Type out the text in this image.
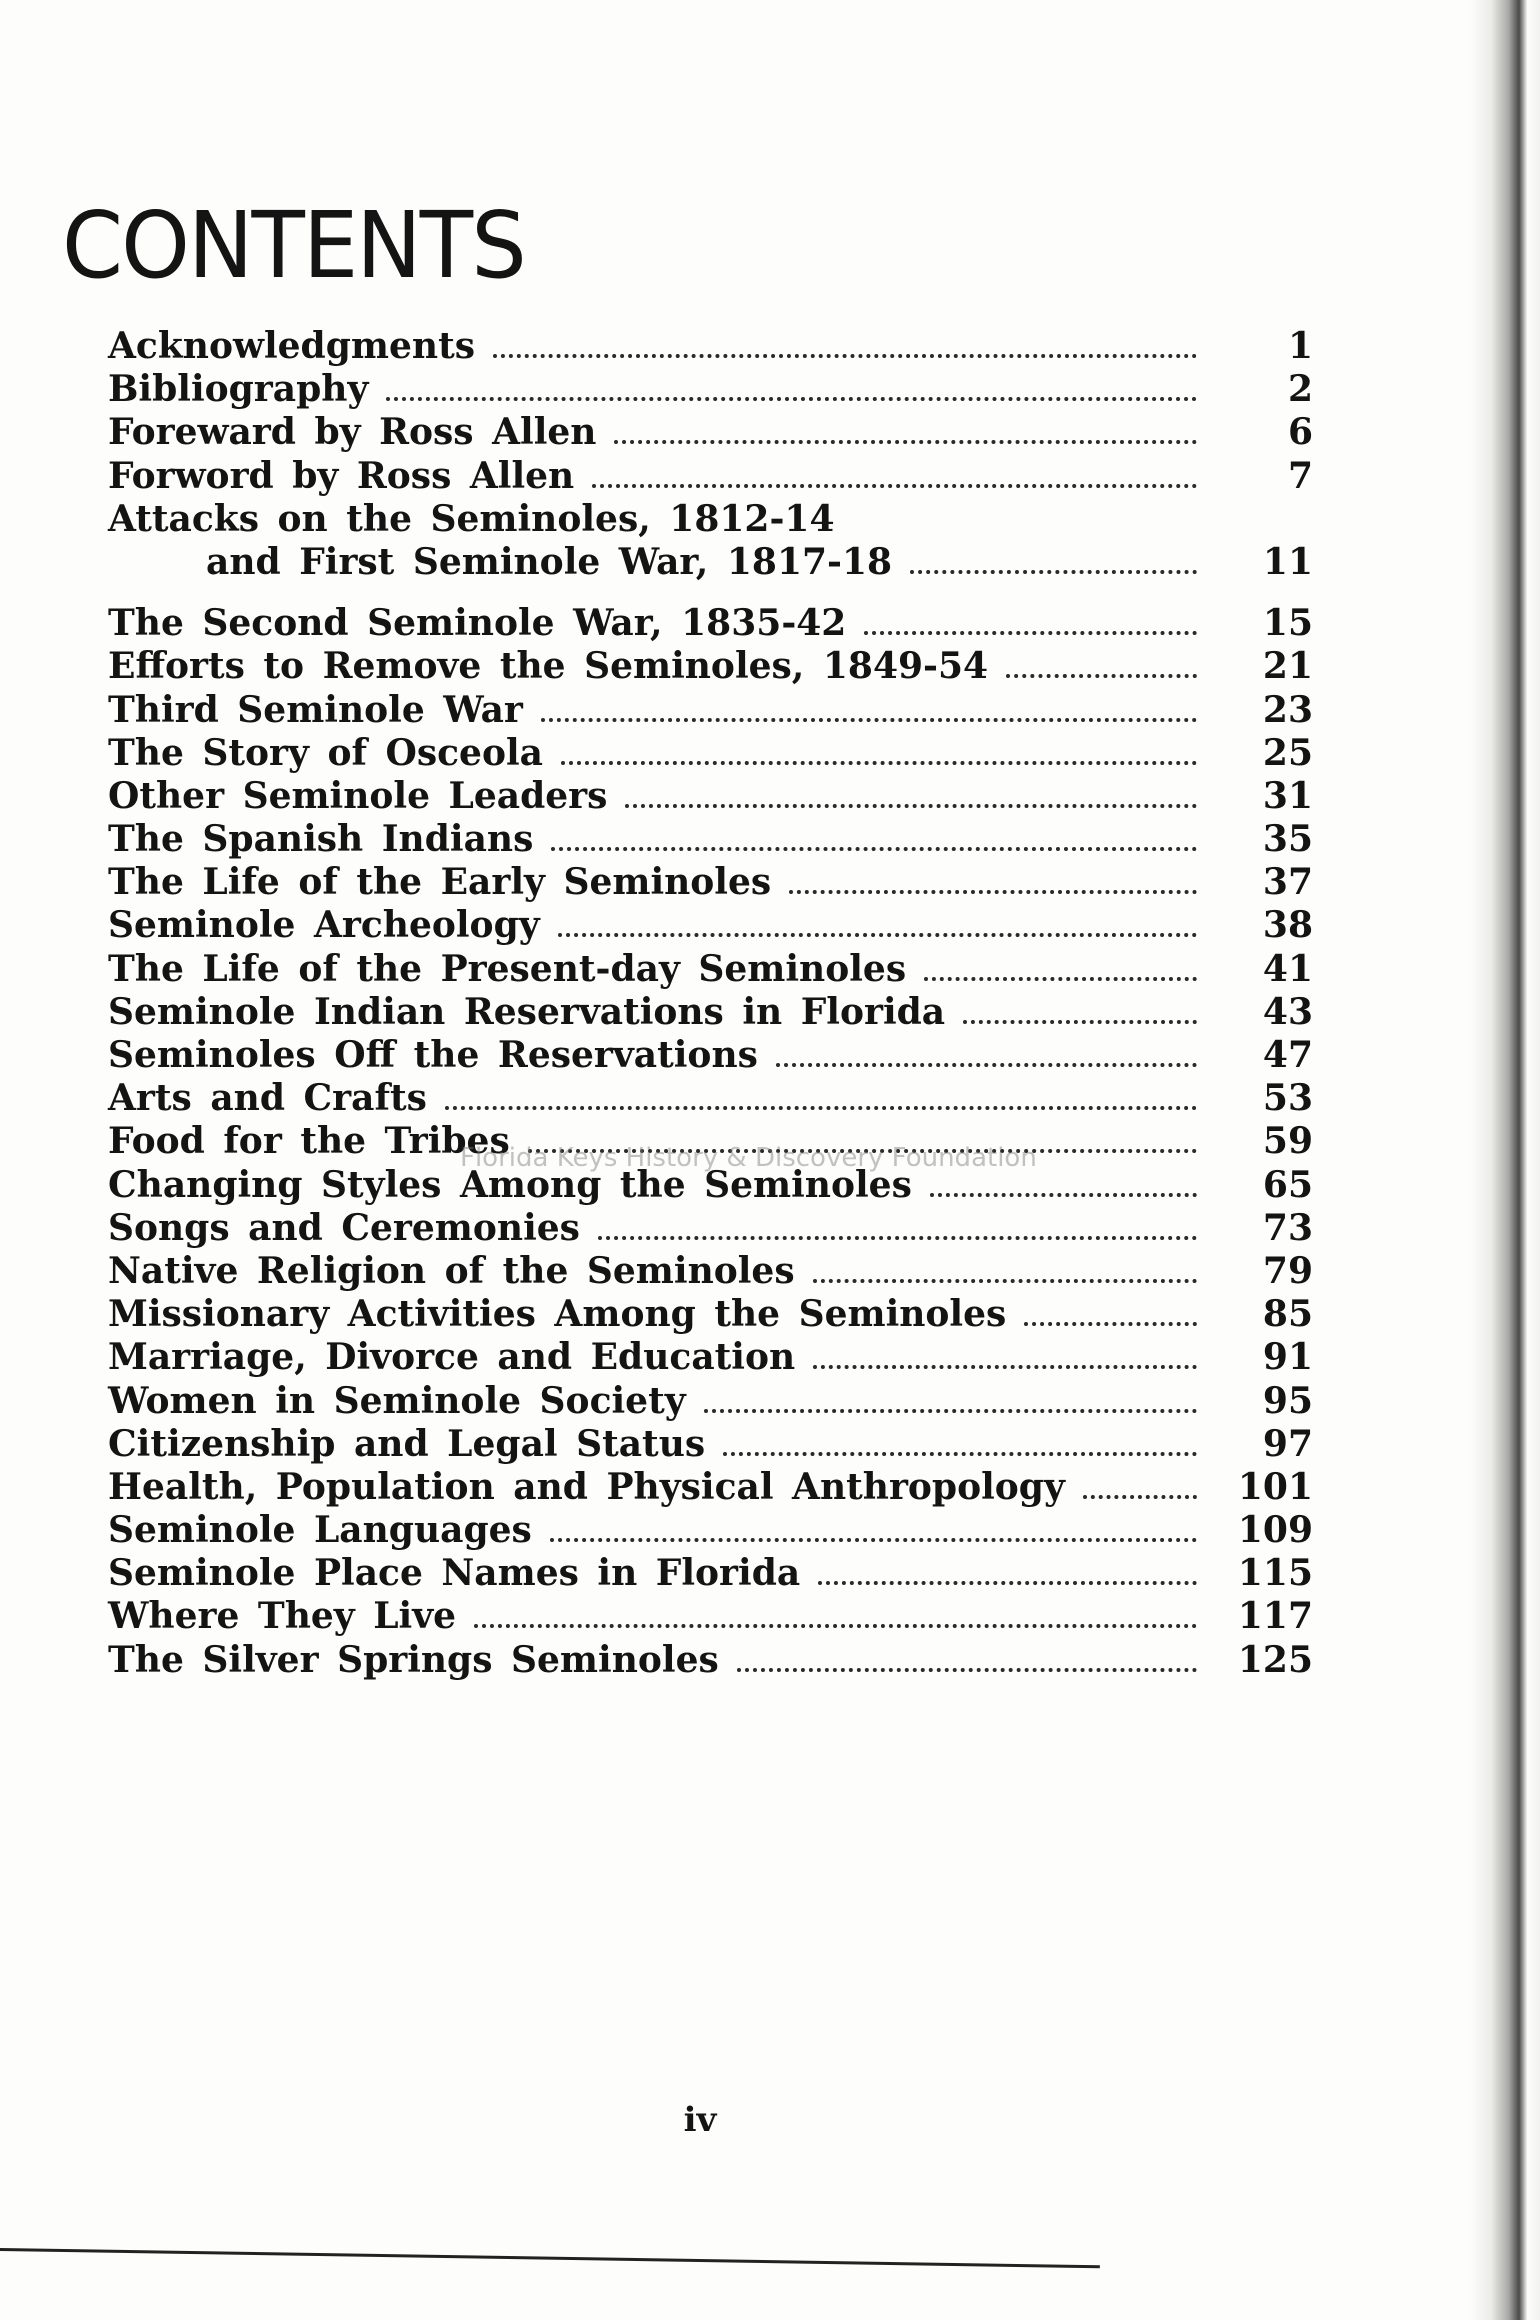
CONTENTS
Acknowledgments	1
Bibliography	2
Foreward by Ross Allen	6
Forword by Ross Allen	7
Attacks on the Seminoles, 1812-14
and First Seminole War, 1817-18	11
The Second Seminole War, 1835-42	15
Efforts to Remove the Seminoles, 1849-54	21
Third Seminole War	23
The Story of Osceola	25
Other Seminole Leaders	31
The Spanish Indians	35
The Life of the Early Seminoles	37
Seminole Archeology	38
The Life of the Present-day Seminoles	41
Seminole Indian Reservations in Florida	43
Seminoles Off the Reservations	47
Arts and Crafts	53
Food for the Tribes	59
Changing Styles Among the Seminoles	65
Songs and Ceremonies	73
Native Religion of the Seminoles	79
Missionary Activities Among the Seminoles	85
Marriage, Divorce and Education	91
Women in Seminole Society	95
Citizenship and Legal Status	97
Health, Population and Physical Anthropology	101
Seminole Languages	109
Seminole Place Names in Florida	115
Where They Live	117
The Silver Springs Seminoles	125
Florida Keys History & Discovery Foundation
iv
